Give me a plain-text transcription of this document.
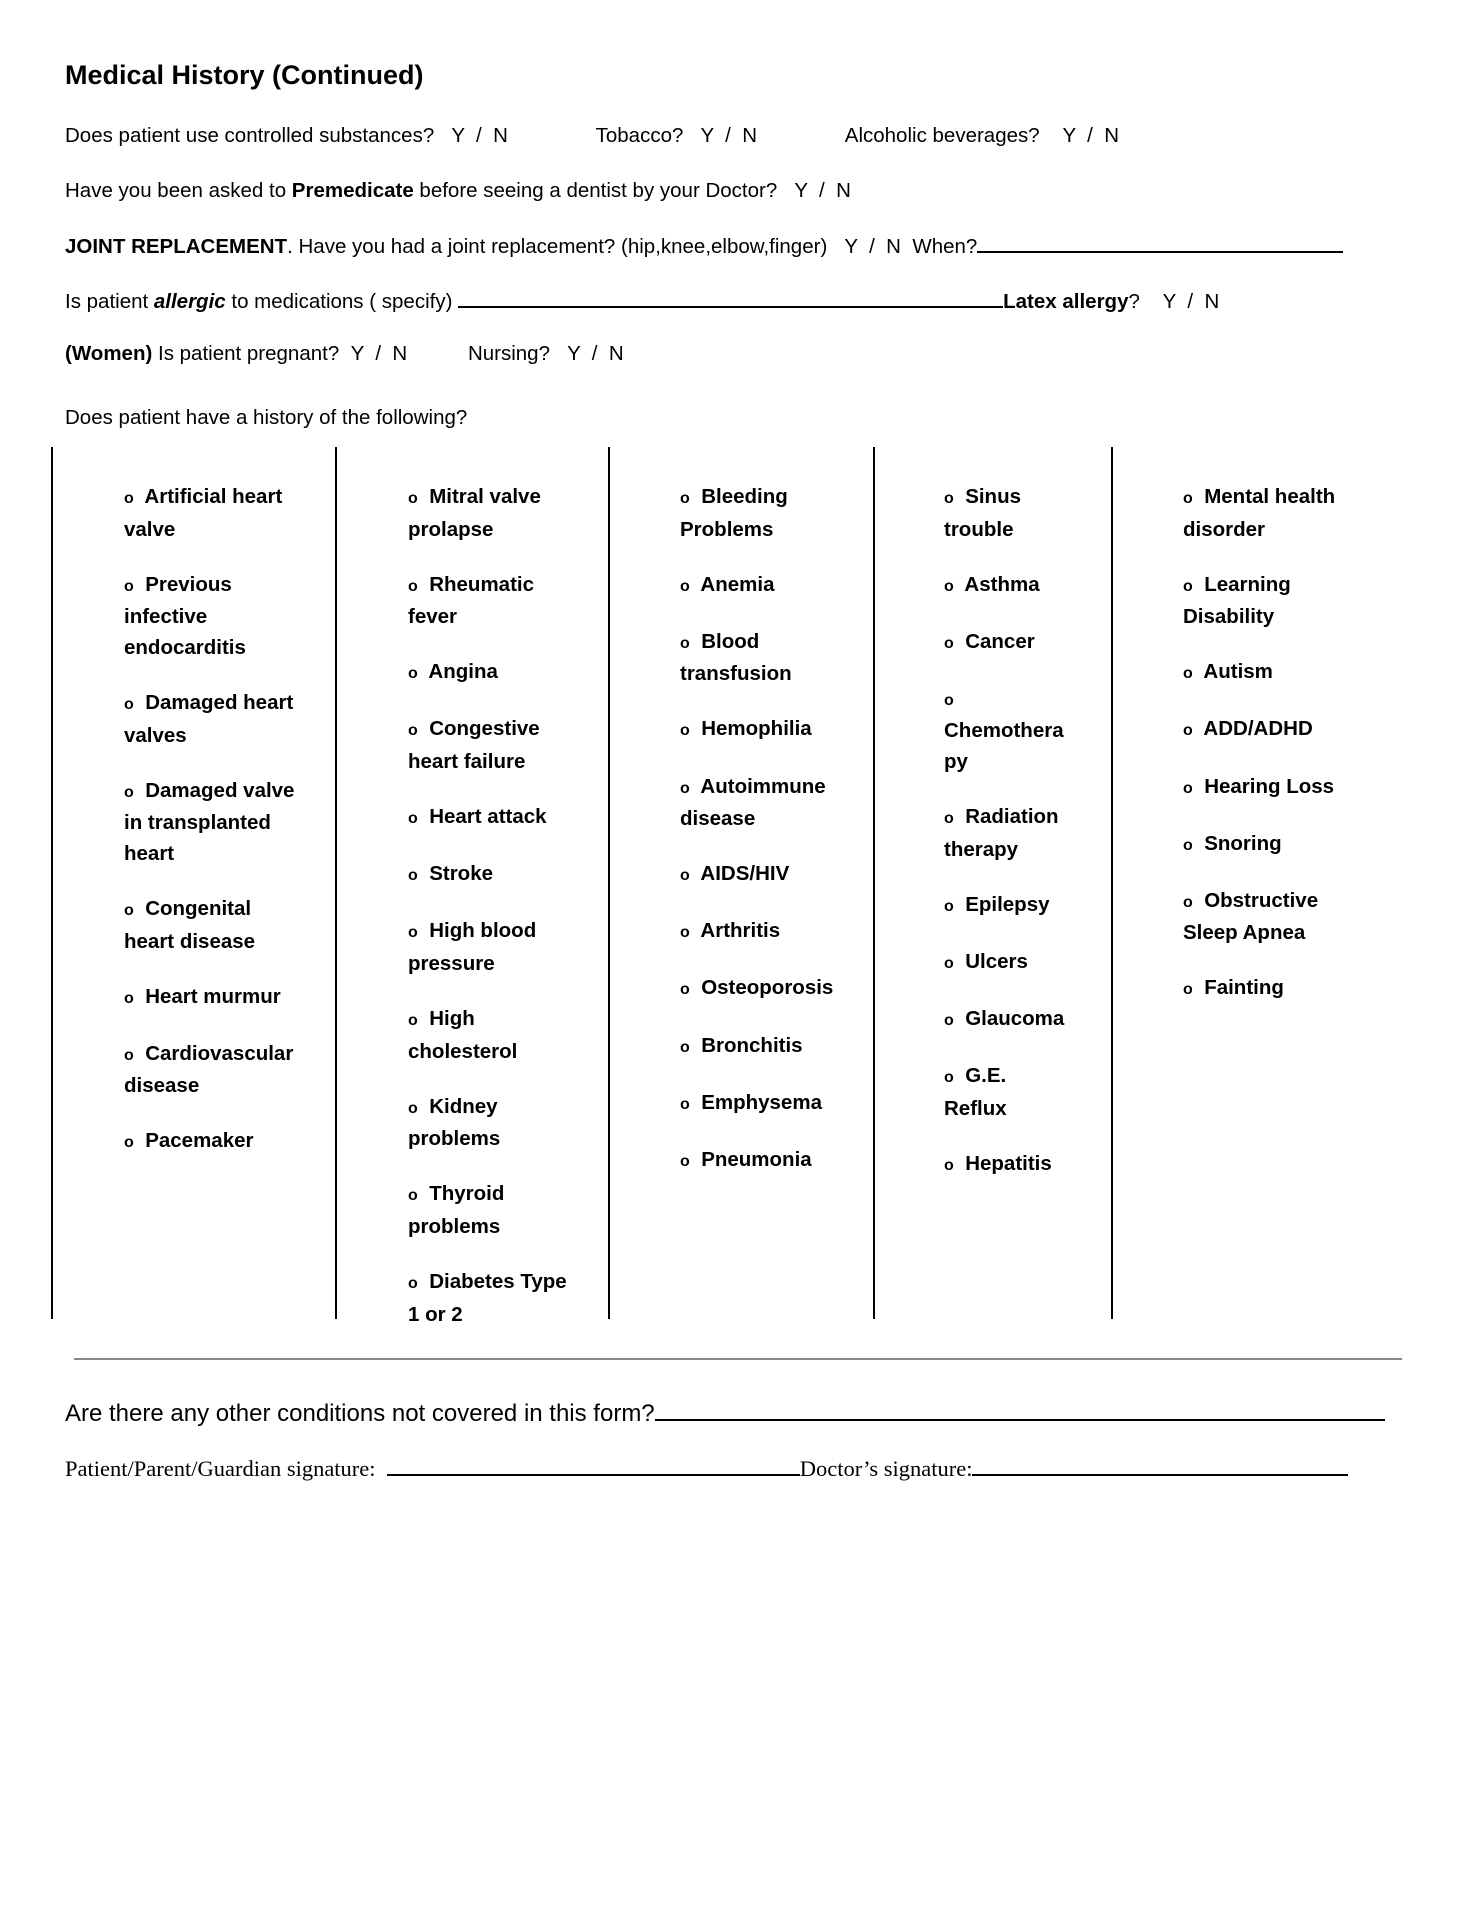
Medical History (Continued)
Does patient use controlled substances? Y  /  N	Tobacco? Y  /  N	Alcoholic beverages? Y  /  N
Have you been asked to Premedicate before seeing a dentist by your Doctor? Y  /  N
JOINT REPLACEMENT. Have you had a joint replacement? (hip,knee,elbow,finger) Y  /  N When?
Is patient allergic to medications ( specify)	Latex allergy? Y  /  N
(Women) Is patient pregnant? Y  /  N	Nursing? Y  /  N
Does patient have a history of the following?
o Artificial heart valve
o Previous infective endocarditis
o Damaged heart valves
o Damaged valve in transplanted heart
o Congenital heart disease
o Heart murmur
o Cardiovascular disease
o Pacemaker
o Mitral valve prolapse
o Rheumatic fever
o Angina
o Congestive heart failure
o Heart attack
o Stroke
o High blood pressure
o High cholesterol
o Kidney problems
o Thyroid problems
o Diabetes Type 1 or 2
o Bleeding Problems
o Anemia
o Blood transfusion
o Hemophilia
o Autoimmune disease
o AIDS/HIV
o Arthritis
o Osteoporosis
o Bronchitis
o Emphysema
o Pneumonia
o Sinus trouble
o Asthma
o Cancer
o  Chemotherapy
o Radiation therapy
o Epilepsy
o Ulcers
o Glaucoma
o G.E. Reflux
o Hepatitis
o Mental health disorder
o Learning Disability
o Autism
o ADD/ADHD
o Hearing Loss
o Snoring
o Obstructive Sleep Apnea
o Fainting
Are there any other conditions not covered in this form?
Patient/Parent/Guardian signature:	Doctor’s signature:
